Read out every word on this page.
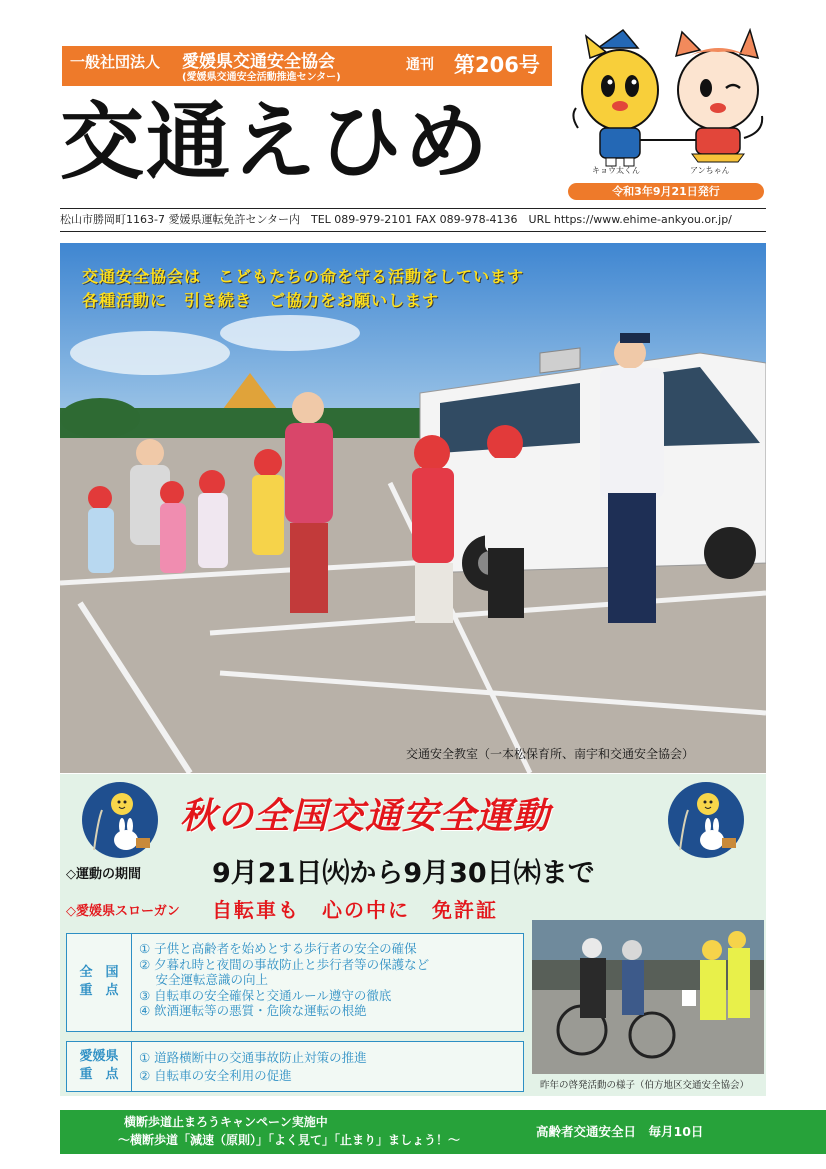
一般社団法人 愛媛県交通安全協会
(愛媛県交通安全活動推進センター)
通刊 第206号
交通えひめ	キョウ太くん	アンちゃん
令和3年9月21日発行
松山市勝岡町1163-7 愛媛県運転免許センター内　TEL 089-979-2101 FAX 089-978-4136　URL https://www.ehime-ankyou.or.jp/
交通安全協会は　こどもたちの命を守る活動をしています
各種活動に　引き続き　ご協力をお願いします
交通安全教室（一本松保育所、南宇和交通安全協会）
秋の全国交通安全運動
◇運動の期間	9月21日㈫から9月30日㈭まで
◇愛媛県スローガン 自転車も　心の中に　免許証
全　国
重　点
① 子供と高齢者を始めとする歩行者の安全の確保
② 夕暮れ時と夜間の事故防止と歩行者等の保護など
　 安全運転意識の向上
③ 自転車の安全確保と交通ルール遵守の徹底
④ 飲酒運転等の悪質・危険な運転の根絶
愛媛県
重　点
① 道路横断中の交通事故防止対策の推進
② 自転車の安全利用の促進
昨年の啓発活動の様子（伯方地区交通安全協会）
横断歩道止まろうキャンペーン実施中
～横断歩道「減速（原則）」「よく見て」「止まり」ましょう！～
高齢者交通安全日　毎月10日
